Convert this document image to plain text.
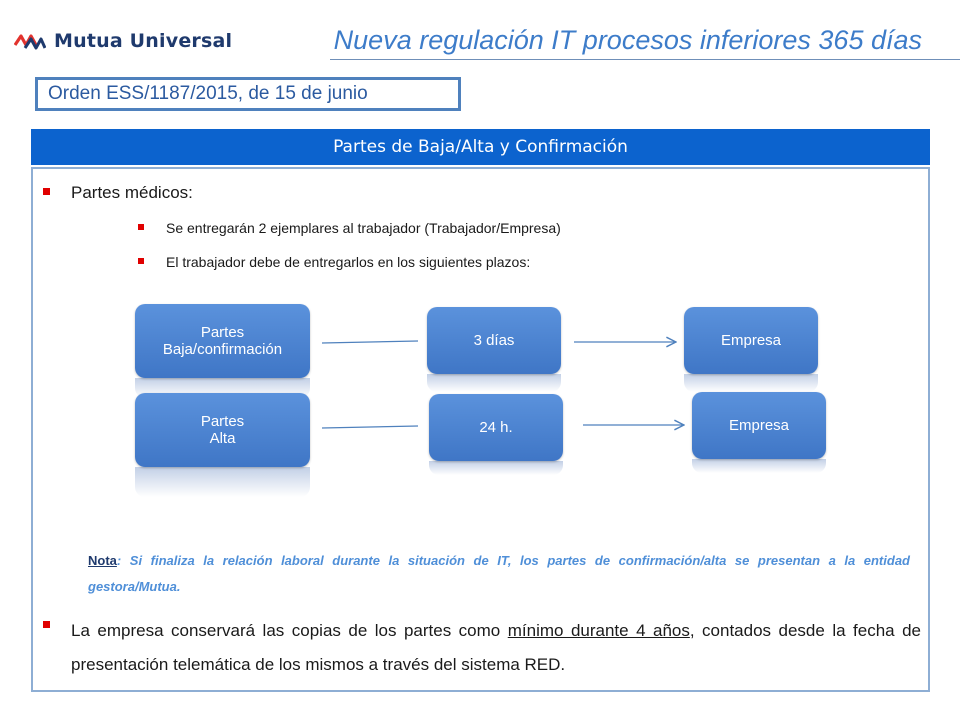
Mutua Universal	Nueva regulación IT procesos inferiores 365 días
Orden ESS/1187/2015, de 15 de junio
Partes de Baja/Alta y Confirmación
Partes médicos:
Se entregarán 2 ejemplares al trabajador (Trabajador/Empresa)
El trabajador debe de entregarlos en los siguientes plazos:
Partes
Baja/confirmación
3 días	Empresa
Partes
Alta
24 h.	Empresa
Nota: Si finaliza la relación laboral durante la situación de IT, los partes de confirmación/alta se presentan a la entidad gestora/Mutua.
La empresa conservará las copias de los partes como mínimo durante 4 años, contados desde la fecha de presentación telemática de los mismos a través del sistema RED.
